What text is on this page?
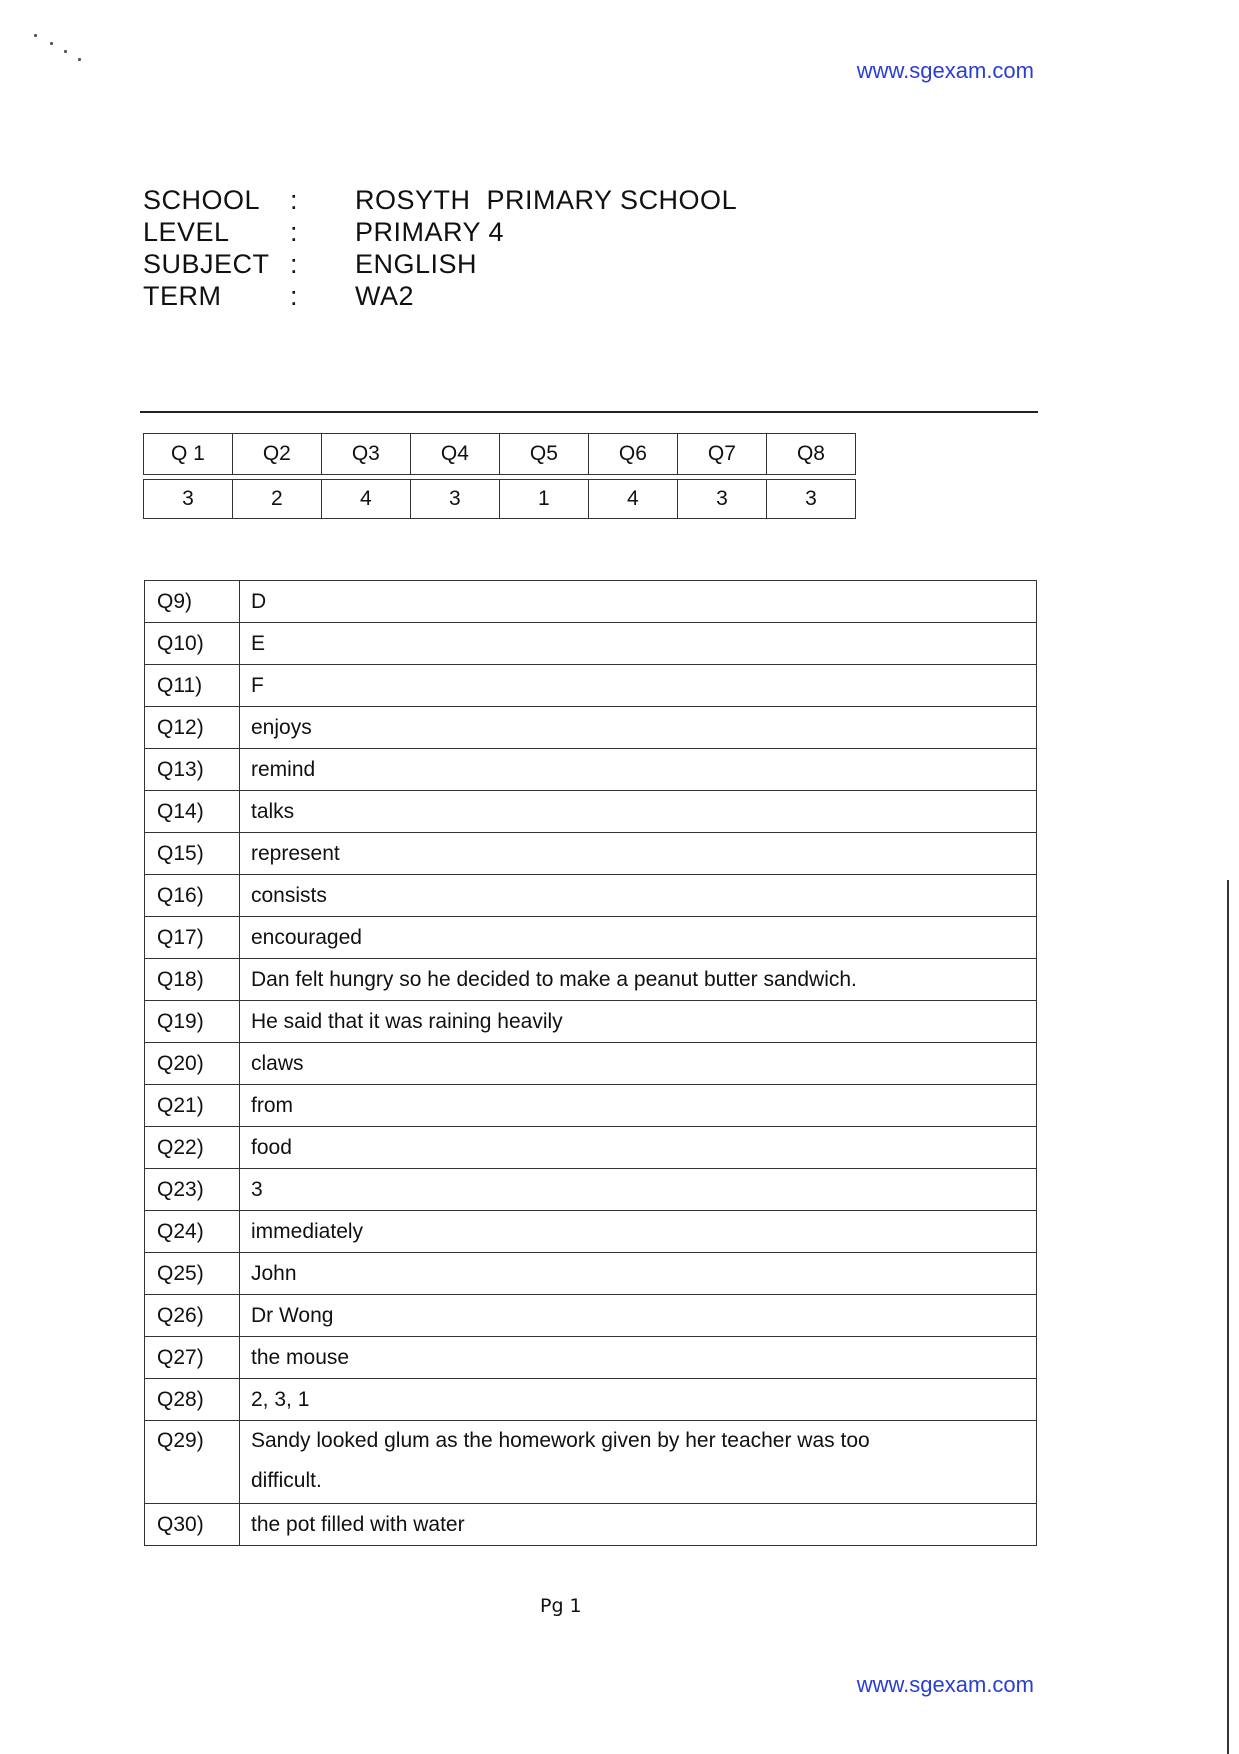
www.sgexam.com
SCHOOL	:	ROSYTH  PRIMARY SCHOOL
LEVEL	:	PRIMARY 4
SUBJECT :	ENGLISH
TERM	:	WA2
Q 1	Q2	Q3	Q4	Q5	Q6	Q7	Q8

3	2	4	3	1	4	3	3
Q9)	D
Q10)	E
Q11)	F
Q12)	enjoys
Q13)	remind
Q14)	talks
Q15)	represent
Q16)	consists
Q17)	encouraged
Q18)	Dan felt hungry so he decided to make a peanut butter sandwich.
Q19)	He said that it was raining heavily
Q20)	claws
Q21)	from
Q22)	food
Q23)	3
Q24)	immediately
Q25)	John
Q26)	Dr Wong
Q27)	the mouse
Q28)	2, 3, 1

Q29)	Sandy looked glum as the homework given by her teacher was too
difficult.

Q30)	the pot filled with water
Pg 1
www.sgexam.com
